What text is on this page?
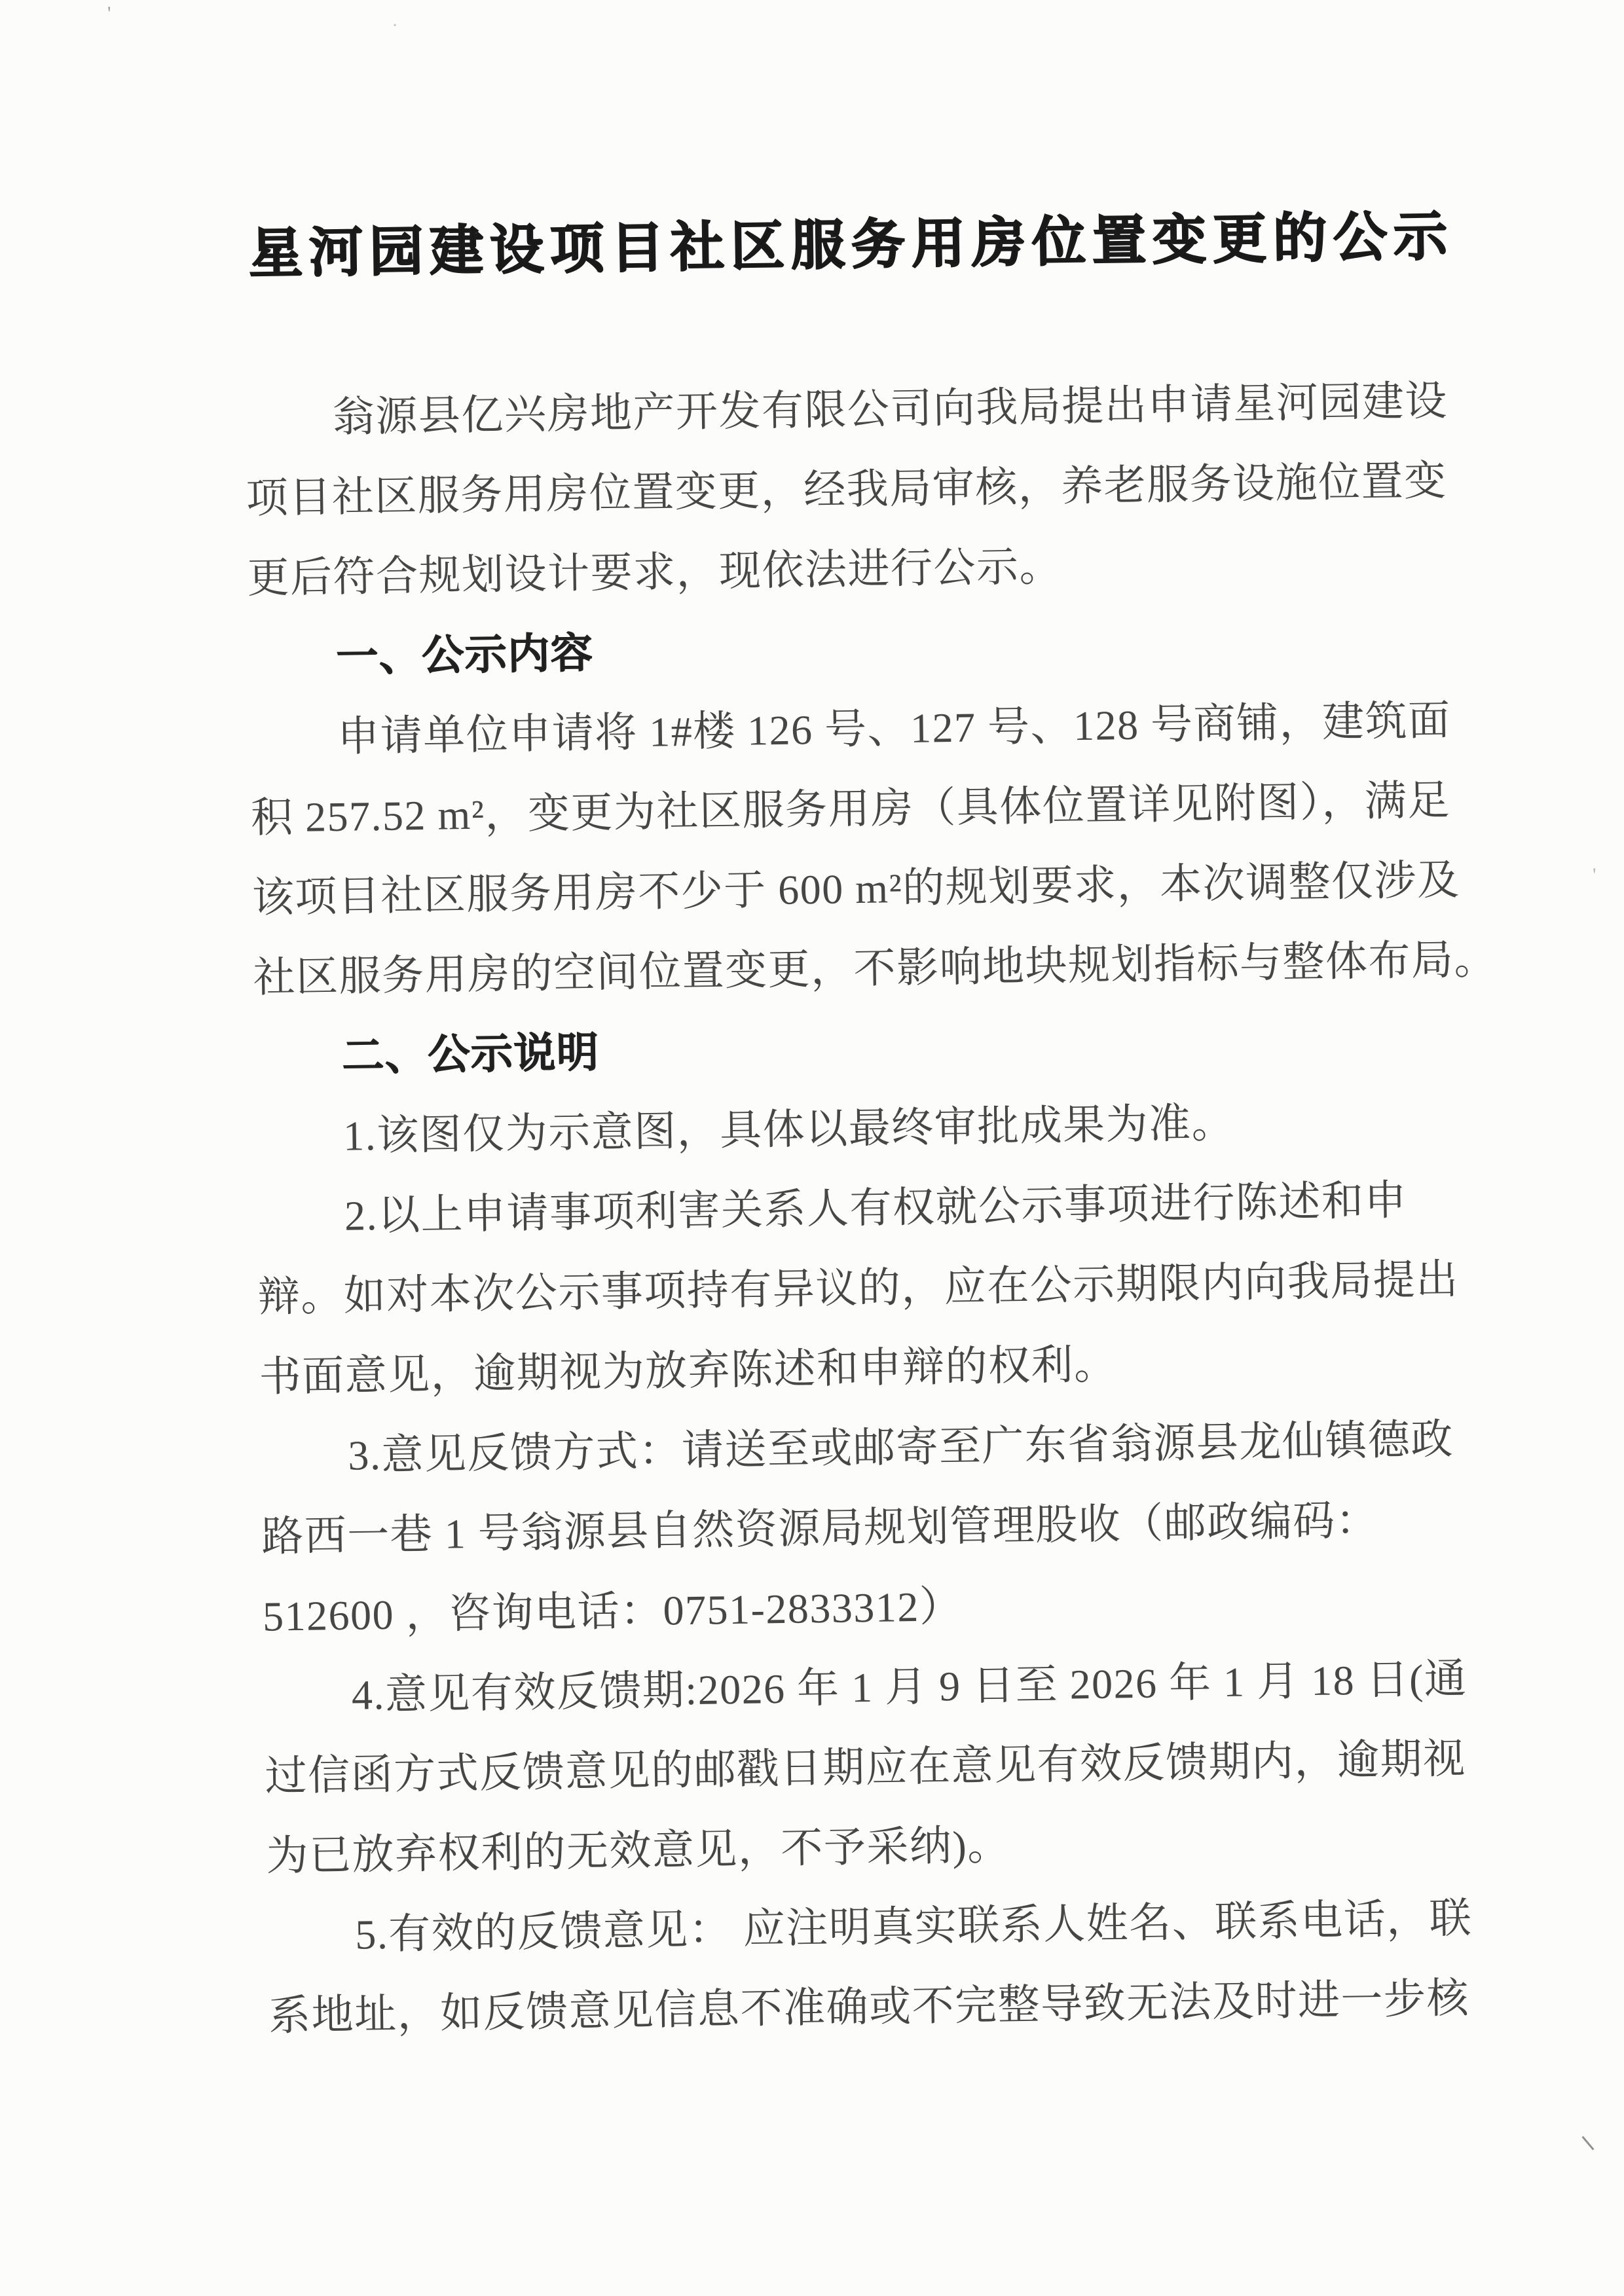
'
·
'
星河园建设项目社区服务用房位置变更的公示
翁源县亿兴房地产开发有限公司向我局提出申请星河园建设
项目社区服务用房位置变更，经我局审核，养老服务设施位置变
更后符合规划设计要求，现依法进行公示。
一、公示内容
申请单位申请将 1#楼 126 号、127 号、128 号商铺，建筑面
积 257.52 m²，变更为社区服务用房（具体位置详见附图），满足
该项目社区服务用房不少于 600 m²的规划要求，本次调整仅涉及
社区服务用房的空间位置变更，不影响地块规划指标与整体布局。
二、公示说明
1.该图仅为示意图，具体以最终审批成果为准。
2.以上申请事项利害关系人有权就公示事项进行陈述和申
辩。如对本次公示事项持有异议的，应在公示期限内向我局提出
书面意见，逾期视为放弃陈述和申辩的权利。
3.意见反馈方式：请送至或邮寄至广东省翁源县龙仙镇德政
路西一巷 1 号翁源县自然资源局规划管理股收（邮政编码：
512600 ，咨询电话：0751-2833312）
4.意见有效反馈期:2026 年 1 月 9 日至 2026 年 1 月 18 日(通
过信函方式反馈意见的邮戳日期应在意见有效反馈期内，逾期视
为已放弃权利的无效意见，不予采纳)。
5.有效的反馈意见： 应注明真实联系人姓名、联系电话，联
系地址，如反馈意见信息不准确或不完整导致无法及时进一步核
